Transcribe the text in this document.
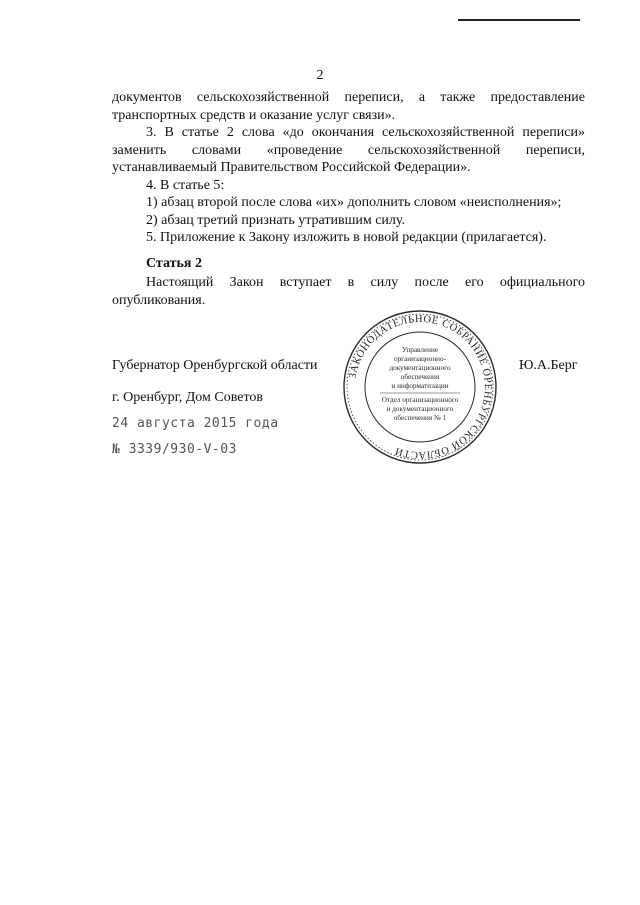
2

документов сельскохозяйственной переписи, а также предоставление

транспортных средств и оказание услуг связи».

3. В статье 2 слова «до окончания сельскохозяйственной переписи»

заменить словами «проведение сельскохозяйственной переписи,

устанавливаемый Правительством Российской Федерации».

4. В статье 5:

1) абзац второй после слова «их» дополнить словом «неисполнения»;

2) абзац третий признать утратившим силу.

5. Приложение к Закону изложить в новой редакции (прилагается).

Статья 2

Настоящий Закон вступает в силу после его официального

опубликования.

Губернатор Оренбургской области	Ю.А.Берг
г. Оренбург, Дом Советов
24 августа 2015 года
№ 3339/930-V-03
ЗАКОНОДАТЕЛЬНОЕ СОБРАНИЕ ОРЕНБУРГСКОЙ ОБЛАСТИ
Управление
организационно-
документационного
обеспечения
и информатизации
Отдел организационного
и документационного
обеспечения № 1
